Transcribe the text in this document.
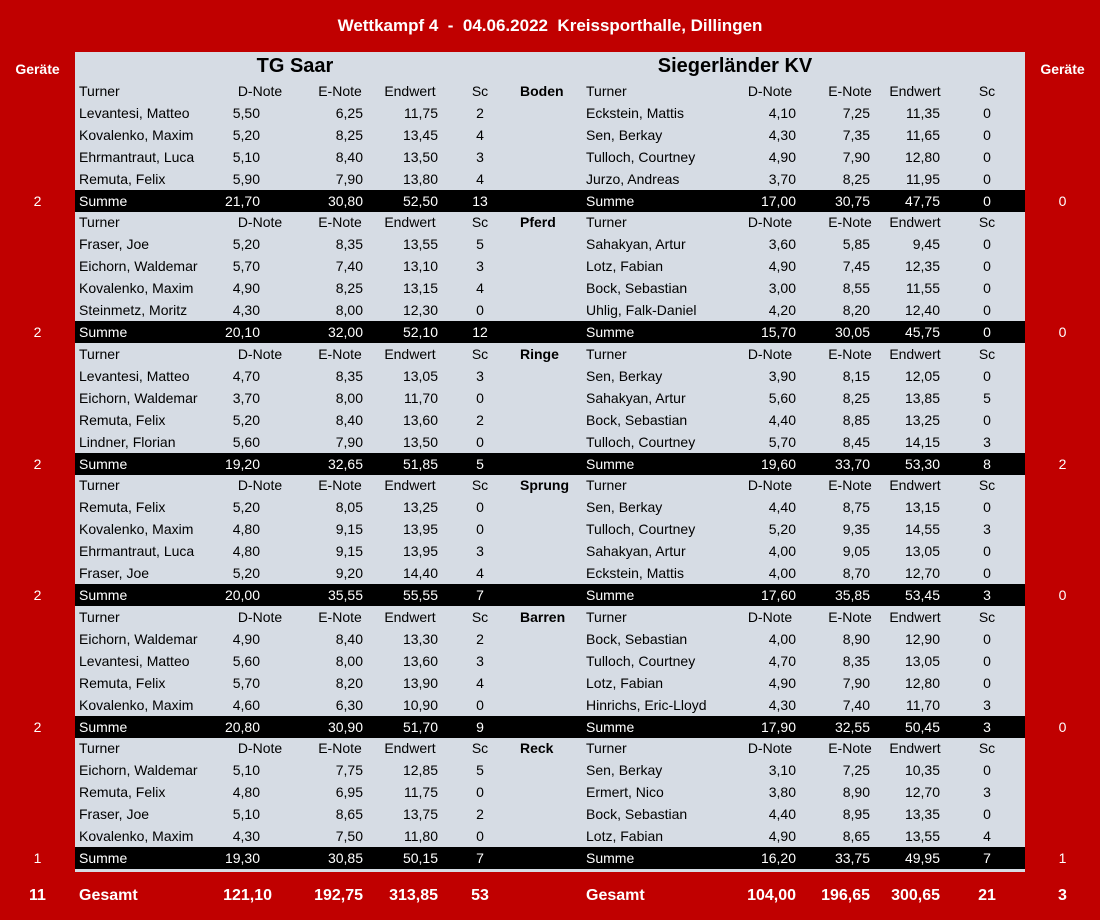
Wettkampf 4  -  04.06.2022  Kreissporthalle, Dillingen
TG Saar	Siegerländer KV
Geräte	Geräte
Turner	D-Note	E-Note	Endwert	Sc	Boden	Turner	D-Note	E-Note	Endwert	Sc
Levantesi, Matteo	5,50	6,25	11,75	2	Eckstein, Mattis	4,10	7,25	11,35	0
Kovalenko, Maxim	5,20	8,25	13,45	4	Sen, Berkay	4,30	7,35	11,65	0
Ehrmantraut, Luca	5,10	8,40	13,50	3	Tulloch, Courtney	4,90	7,90	12,80	0
Remuta, Felix	5,90	7,90	13,80	4	Jurzo, Andreas	3,70	8,25	11,95	0
2	Summe	21,70	30,80	52,50	13	Summe	17,00	30,75	47,75	0	0
Turner	D-Note	E-Note	Endwert	Sc	Pferd	Turner	D-Note	E-Note	Endwert	Sc
Fraser, Joe	5,20	8,35	13,55	5	Sahakyan, Artur	3,60	5,85	9,45	0
Eichorn, Waldemar	5,70	7,40	13,10	3	Lotz, Fabian	4,90	7,45	12,35	0
Kovalenko, Maxim	4,90	8,25	13,15	4	Bock, Sebastian	3,00	8,55	11,55	0
Steinmetz, Moritz	4,30	8,00	12,30	0	Uhlig, Falk-Daniel	4,20	8,20	12,40	0
2	Summe	20,10	32,00	52,10	12	Summe	15,70	30,05	45,75	0	0
Turner	D-Note	E-Note	Endwert	Sc	Ringe	Turner	D-Note	E-Note	Endwert	Sc
Levantesi, Matteo	4,70	8,35	13,05	3	Sen, Berkay	3,90	8,15	12,05	0
Eichorn, Waldemar	3,70	8,00	11,70	0	Sahakyan, Artur	5,60	8,25	13,85	5
Remuta, Felix	5,20	8,40	13,60	2	Bock, Sebastian	4,40	8,85	13,25	0
Lindner, Florian	5,60	7,90	13,50	0	Tulloch, Courtney	5,70	8,45	14,15	3
2	Summe	19,20	32,65	51,85	5	Summe	19,60	33,70	53,30	8	2
Turner	D-Note	E-Note	Endwert	Sc	Sprung	Turner	D-Note	E-Note	Endwert	Sc
Remuta, Felix	5,20	8,05	13,25	0	Sen, Berkay	4,40	8,75	13,15	0
Kovalenko, Maxim	4,80	9,15	13,95	0	Tulloch, Courtney	5,20	9,35	14,55	3
Ehrmantraut, Luca	4,80	9,15	13,95	3	Sahakyan, Artur	4,00	9,05	13,05	0
Fraser, Joe	5,20	9,20	14,40	4	Eckstein, Mattis	4,00	8,70	12,70	0
2	Summe	20,00	35,55	55,55	7	Summe	17,60	35,85	53,45	3	0
Turner	D-Note	E-Note	Endwert	Sc	Barren	Turner	D-Note	E-Note	Endwert	Sc
Eichorn, Waldemar	4,90	8,40	13,30	2	Bock, Sebastian	4,00	8,90	12,90	0
Levantesi, Matteo	5,60	8,00	13,60	3	Tulloch, Courtney	4,70	8,35	13,05	0
Remuta, Felix	5,70	8,20	13,90	4	Lotz, Fabian	4,90	7,90	12,80	0
Kovalenko, Maxim	4,60	6,30	10,90	0	Hinrichs, Eric-Lloyd	4,30	7,40	11,70	3
2	Summe	20,80	30,90	51,70	9	Summe	17,90	32,55	50,45	3	0
Turner	D-Note	E-Note	Endwert	Sc	Reck	Turner	D-Note	E-Note	Endwert	Sc
Eichorn, Waldemar	5,10	7,75	12,85	5	Sen, Berkay	3,10	7,25	10,35	0
Remuta, Felix	4,80	6,95	11,75	0	Ermert, Nico	3,80	8,90	12,70	3
Fraser, Joe	5,10	8,65	13,75	2	Bock, Sebastian	4,40	8,95	13,35	0
Kovalenko, Maxim	4,30	7,50	11,80	0	Lotz, Fabian	4,90	8,65	13,55	4
1	Summe	19,30	30,85	50,15	7	Summe	16,20	33,75	49,95	7	1
11	Gesamt	121,10	192,75	313,85	53	Gesamt	104,00	196,65	300,65	21	3
